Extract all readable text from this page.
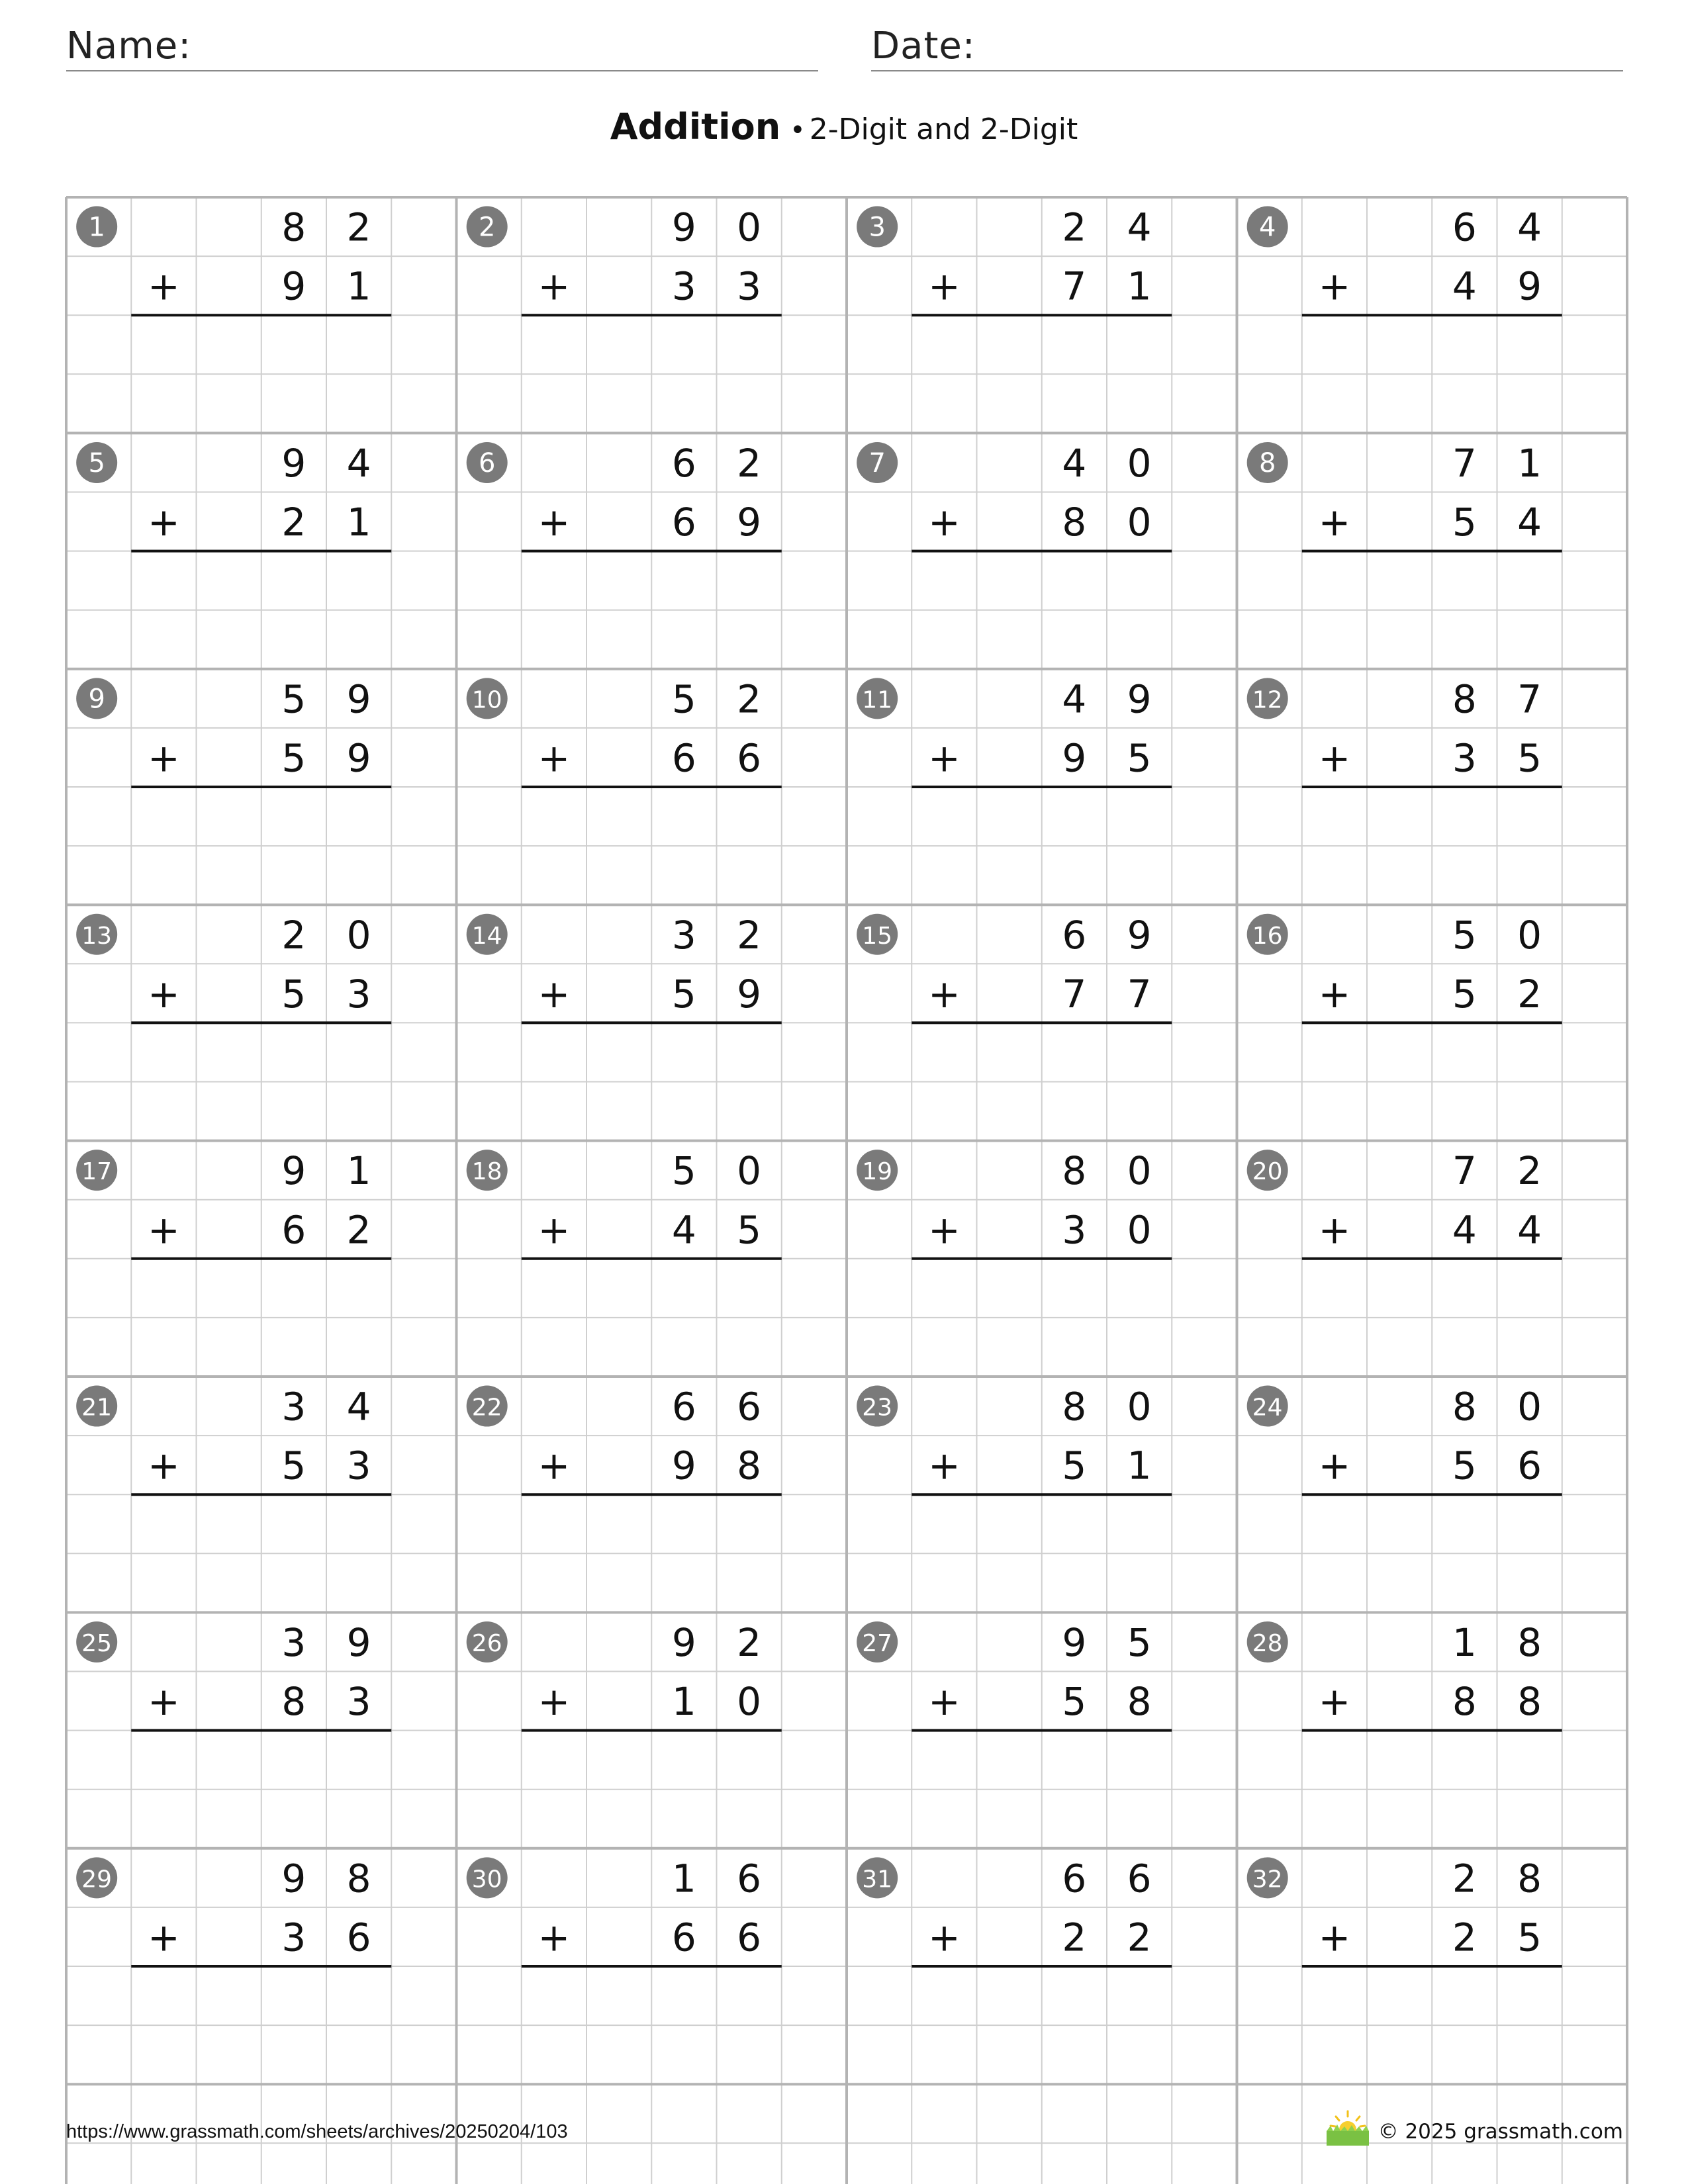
Name:	Date:
Addition • 2-Digit and 2-Digit
1	8 2
+	9 1
2	9 0
+	3 3
3	2 4
+	7 1
4	6 4
+	4 9
5	9 4
+	2 1
6	6 2
+	6 9
7	4 0
+	8 0
8	7 1
+	5 4
9	5 9
+	5 9
10	5 2
+	6 6
11	4 9
+	9 5
12	8 7
+	3 5
13	2 0
+	5 3
14	3 2
+	5 9
15	6 9
+	7 7
16	5 0
+	5 2
17	9 1
+	6 2
18	5 0
+	4 5
19	8 0
+	3 0
20	7 2
+	4 4
21	3 4
+	5 3
22	6 6
+	9 8
23	8 0
+	5 1
24	8 0
+	5 6
25	3 9
+	8 3
26	9 2
+	1 0
27	9 5
+	5 8
28	1 8
+	8 8
29	9 8
+	3 6
30	1 6
+	6 6
31	6 6
+	2 2
32	2 8
+	2 5
https://www.grassmath.com/sheets/archives/20250204/103	© 2025 grassmath.com
